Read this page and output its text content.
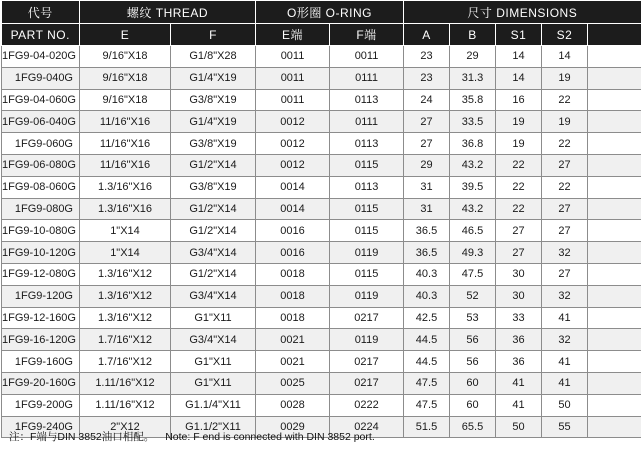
代号	螺纹 THREAD		O形圈 O-RING		尺寸 DIMENSIONS				
PART NO.	E	F	E端	F端	A	B	S1	S2	
1FG9-04-020G	9/16"X18	G1/8"X28	0011	0011	23	29	14	14	
1FG9-040G	9/16"X18	G1/4"X19	0011	0111	23	31.3	14	19	
1FG9-04-060G	9/16"X18	G3/8"X19	0011	0113	24	35.8	16	22	
1FG9-06-040G	11/16"X16	G1/4"X19	0012	0111	27	33.5	19	19	
1FG9-060G	11/16"X16	G3/8"X19	0012	0113	27	36.8	19	22	
1FG9-06-080G	11/16"X16	G1/2"X14	0012	0115	29	43.2	22	27	
1FG9-08-060G	1.3/16"X16	G3/8"X19	0014	0113	31	39.5	22	22	
1FG9-080G	1.3/16"X16	G1/2"X14	0014	0115	31	43.2	22	27	
1FG9-10-080G	1"X14	G1/2"X14	0016	0115	36.5	46.5	27	27	
1FG9-10-120G	1"X14	G3/4"X14	0016	0119	36.5	49.3	27	32	
1FG9-12-080G	1.3/16"X12	G1/2"X14	0018	0115	40.3	47.5	30	27	
1FG9-120G	1.3/16"X12	G3/4"X14	0018	0119	40.3	52	30	32	
1FG9-12-160G	1.3/16"X12	G1"X11	0018	0217	42.5	53	33	41	
1FG9-16-120G	1.7/16"X12	G3/4"X14	0021	0119	44.5	56	36	32	
1FG9-160G	1.7/16"X12	G1"X11	0021	0217	44.5	56	36	41	
1FG9-20-160G	1.11/16"X12	G1"X11	0025	0217	47.5	60	41	41	
1FG9-200G	1.11/16"X12	G1.1/4"X11	0028	0222	47.5	60	41	50	
1FG9-240G	2"X12	G1.1/2"X11	0029	0224	51.5	65.5	50	55	
注：F端与DIN 3852油口相配。 Note: F end is connected with DIN 3852 port.
